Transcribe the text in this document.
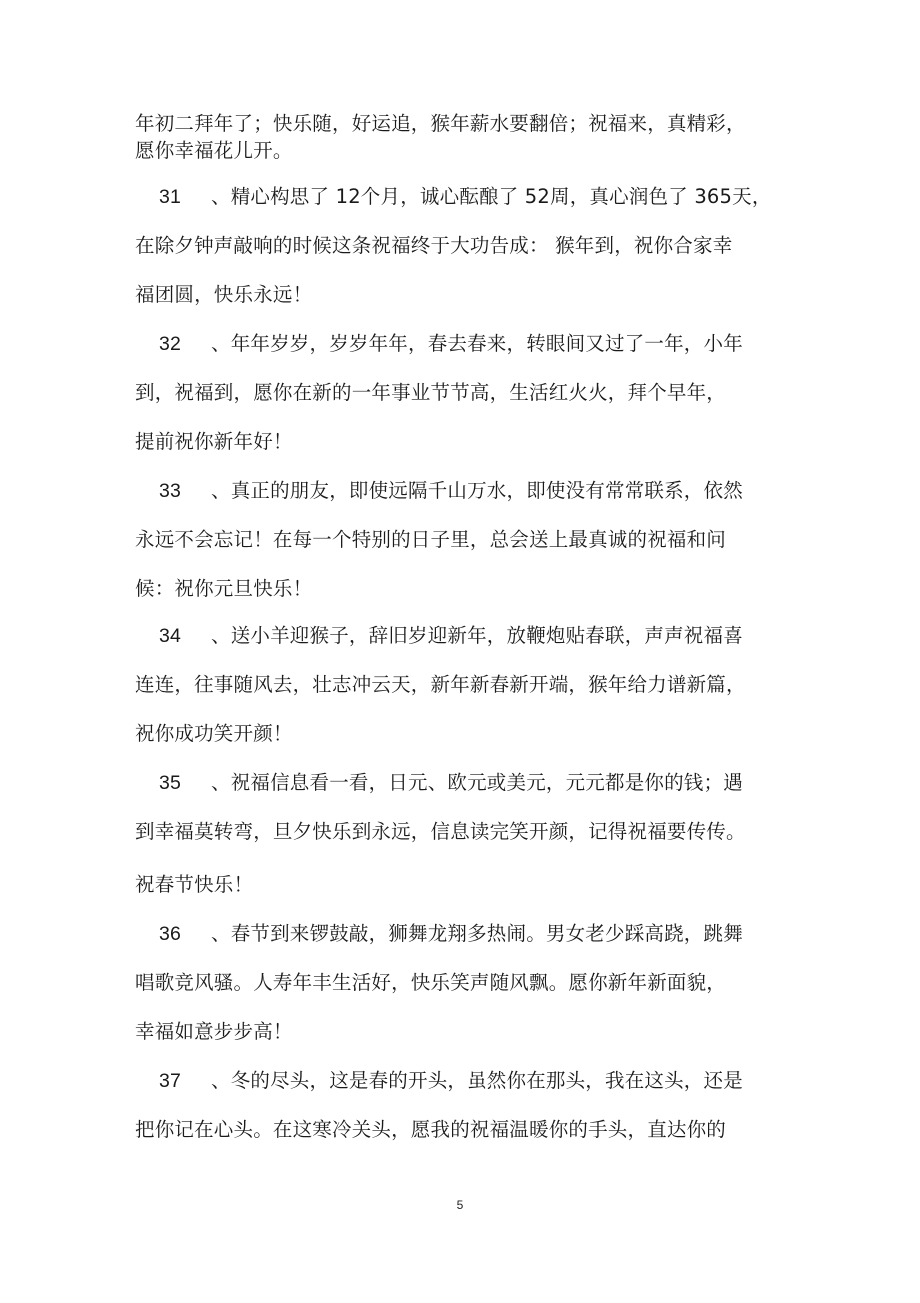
年初二拜年了；快乐随，好运追，猴年薪水要翻倍；祝福来，真精彩，
愿你幸福花儿开。
31 、精心构思了 12个月，诚心酝酿了 52周，真心润色了 365天，
在除夕钟声敲响的时候这条祝福终于大功告成： 猴年到，祝你合家幸
福团圆，快乐永远！
32 、年年岁岁，岁岁年年，春去春来，转眼间又过了一年，小年
到，祝福到，愿你在新的一年事业节节高，生活红火火，拜个早年，
提前祝你新年好！
33 、真正的朋友，即使远隔千山万水，即使没有常常联系，依然
永远不会忘记！在每一个特别的日子里，总会送上最真诚的祝福和问
候：祝你元旦快乐！
34 、送小羊迎猴子，辞旧岁迎新年，放鞭炮贴春联，声声祝福喜
连连，往事随风去，壮志冲云天，新年新春新开端，猴年给力谱新篇，
祝你成功笑开颜！
35 、祝福信息看一看，日元、欧元或美元，元元都是你的钱；遇
到幸福莫转弯，旦夕快乐到永远，信息读完笑开颜，记得祝福要传传。
祝春节快乐！
36 、春节到来锣鼓敲，狮舞龙翔多热闹。男女老少踩高跷，跳舞
唱歌竞风骚。人寿年丰生活好，快乐笑声随风飘。愿你新年新面貌，
幸福如意步步高！
37 、冬的尽头，这是春的开头，虽然你在那头，我在这头，还是
把你记在心头。在这寒冷关头，愿我的祝福温暖你的手头，直达你的
5
